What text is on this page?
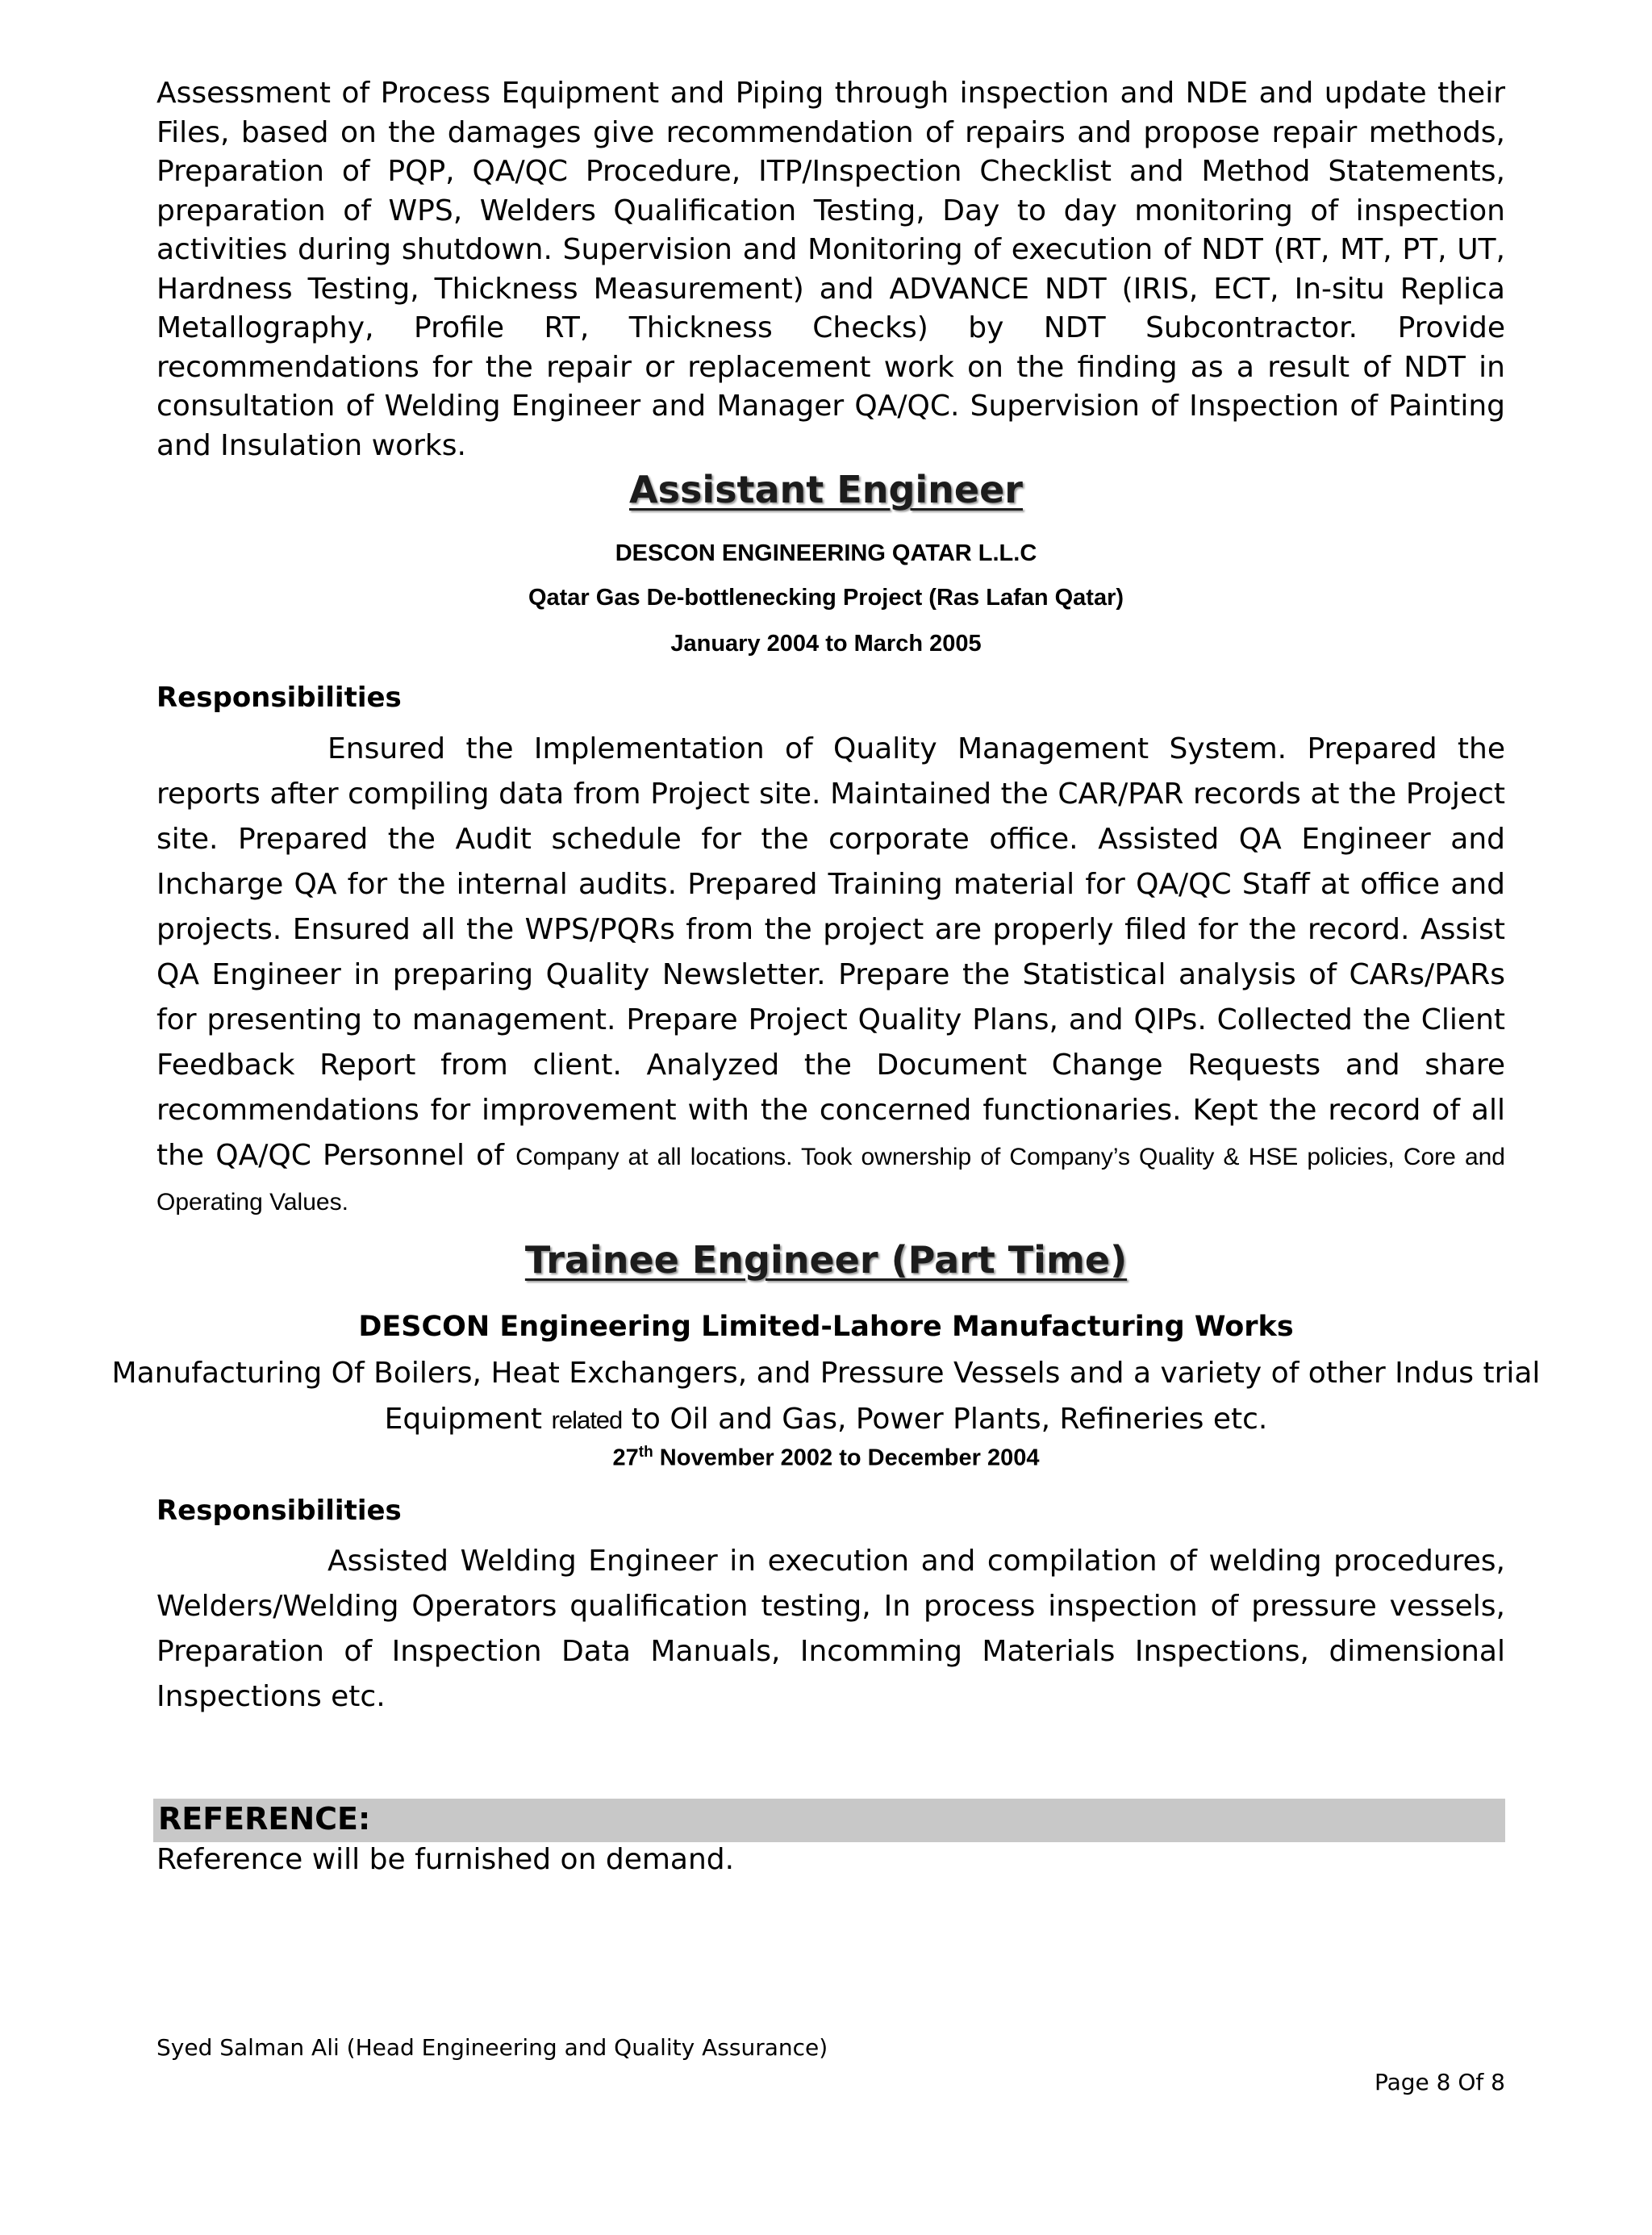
Assessment of Process Equipment and Piping through inspection and NDE and update their Files, based on the damages give recommendation of repairs and propose repair methods, Preparation of PQP, QA/QC Procedure, ITP/Inspection Checklist and Method Statements, preparation of WPS, Welders Qualification Testing, Day to day monitoring of inspection activities during shutdown. Supervision and Monitoring of execution of NDT (RT, MT, PT, UT, Hardness Testing, Thickness Measurement) and ADVANCE NDT (IRIS, ECT, In-situ Replica Metallography, Profile RT, Thickness Checks) by NDT Subcontractor. Provide recommendations for the repair or replacement work on the finding as a result of NDT in consultation of Welding Engineer and Manager QA/QC. Supervision of Inspection of Painting and Insulation works.
Assistant Engineer
DESCON ENGINEERING QATAR L.L.C
Qatar Gas De-bottlenecking Project (Ras Lafan Qatar)
January 2004 to March 2005
Responsibilities
Ensured the Implementation of Quality Management System. Prepared the reports after compiling data from Project site. Maintained the CAR/PAR records at the Project site. Prepared the Audit schedule for the corporate office. Assisted QA Engineer and Incharge QA for the internal audits. Prepared Training material for QA/QC Staff at office and projects. Ensured all the WPS/PQRs from the project are properly filed for the record. Assist QA Engineer in preparing Quality Newsletter. Prepare the Statistical analysis of CARs/PARs for presenting to management. Prepare Project Quality Plans, and QIPs. Collected the Client Feedback Report from client. Analyzed the Document Change Requests and share recommendations for improvement with the concerned functionaries. Kept the record of all the QA/QC Personnel of Company at all locations. Took ownership of Company’s Quality & HSE policies, Core and Operating Values.
Trainee Engineer (Part Time)
DESCON Engineering Limited-Lahore Manufacturing Works
Manufacturing Of Boilers, Heat Exchangers, and Pressure Vessels and a variety of other Indus trial
Equipment related to Oil and Gas, Power Plants, Refineries etc.
27th November 2002 to December 2004
Responsibilities
Assisted Welding Engineer in execution and compilation of welding procedures, Welders/Welding Operators qualification testing, In process inspection of pressure vessels, Preparation of Inspection Data Manuals, Incomming Materials Inspections, dimensional Inspections etc.
REFERENCE:
Reference will be furnished on demand.
Syed Salman Ali (Head Engineering and Quality Assurance)
Page 8 Of 8
